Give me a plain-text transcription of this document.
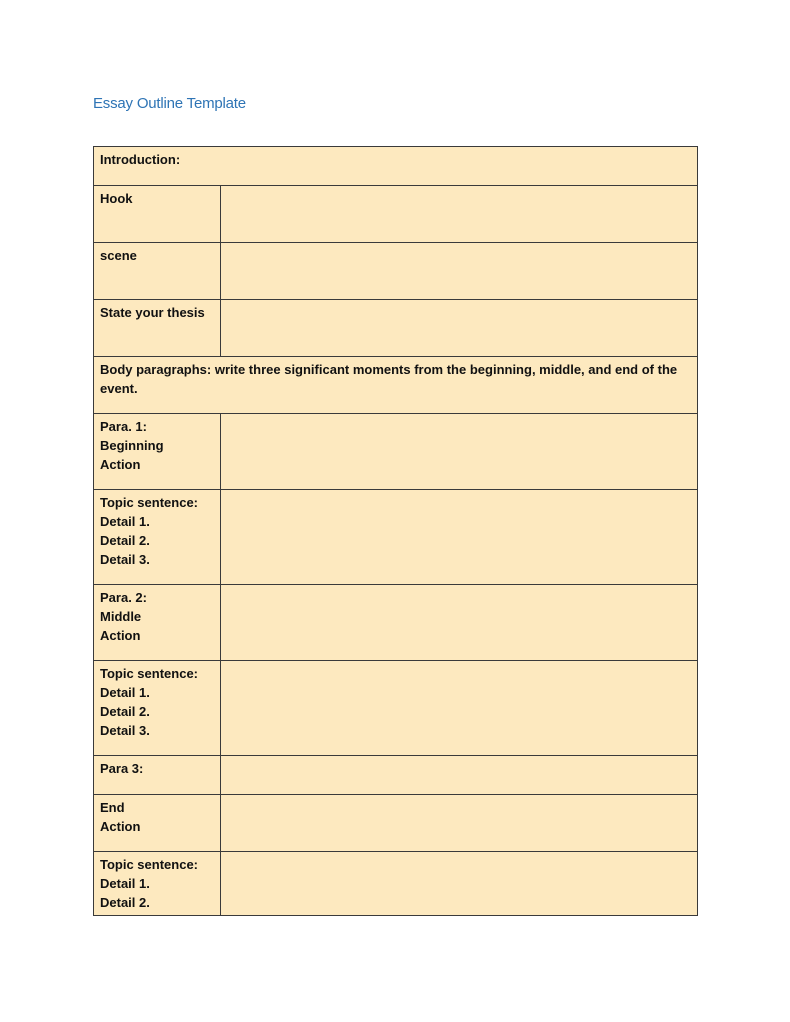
Essay Outline Template
Introduction:	
Hook	
scene	
State your thesis	
Body paragraphs: write three significant moments from the beginning, middle, and end of the event.	

Para. 1:
Beginning
Action	

Topic sentence:
Detail 1.
Detail 2.
Detail 3.	

Para. 2:
Middle
Action	

Topic sentence:
Detail 1.
Detail 2.
Detail 3.	

Para 3:	

End
Action	

Topic sentence:
Detail 1.
Detail 2.	
